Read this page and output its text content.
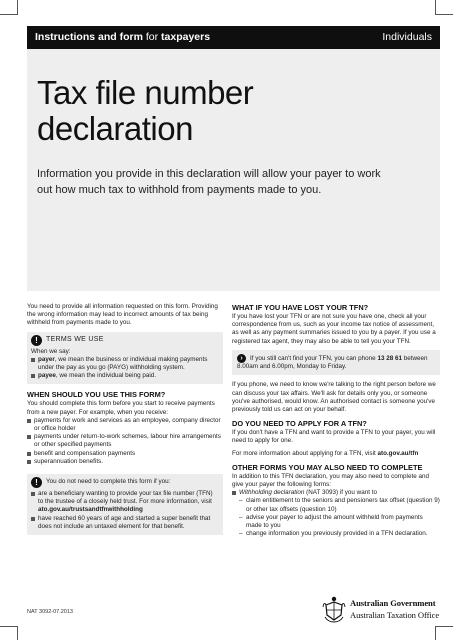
Instructions and form for taxpayers	Individuals
Tax file number declaration
Information you provide in this declaration will allow your payer to work out how much tax to withhold from payments made to you.

You need to provide all information requested on this form. Providing the wrong information may lead to incorrect amounts of tax being withheld from payments made to you.

!	TERMS WE USE
When we say:
payer, we mean the business or individual making payments under the pay as you go (PAYG) withholding system.
payee, we mean the individual being paid.
WHEN SHOULD YOU USE THIS FORM?
You should complete this form before you start to receive payments from a new payer. For example, when you receive:
payments for work and services as an employee, company director or office holder
payments under return-to-work schemes, labour hire arrangements or other specified payments
benefit and compensation payments
superannuation benefits.
!	You do not need to complete this form if you:
are a beneficiary wanting to provide your tax file number (TFN) to the trustee of a closely held trust. For more information, visit ato.gov.au/trustsandtfnwithholding
have reached 60 years of age and started a super benefit that does not include an untaxed element for that benefit.
WHAT IF YOU HAVE LOST YOUR TFN?

If you have lost your TFN or are not sure you have one, check all your correspondence from us, such as your income tax notice of assessment, as well as any payment summaries issued to you by a payer. If you use a registered tax agent, they may also be able to tell you your TFN.

› If you still can't find your TFN, you can phone 13 28 61 between 8.00am and 6.00pm, Monday to Friday.

If you phone, we need to know we're talking to the right person before we can discuss your tax affairs. We'll ask for details only you, or someone you've authorised, would know. An authorised contact is someone you've previously told us can act on your behalf.

DO YOU NEED TO APPLY FOR A TFN?

If you don't have a TFN and want to provide a TFN to your payer, you will need to apply for one.

For more information about applying for a TFN, visit ato.gov.au/tfn

OTHER FORMS YOU MAY ALSO NEED TO COMPLETE
In addition to this TFN declaration, you may also need to complete and give your payer the following forms:
Withholding declaration (NAT 3093) if you want to
– claim entitlement to the seniors and pensioners tax offset (question 9) or other tax offsets (question 10)
– advise your payer to adjust the amount withheld from payments made to you
– change information you previously provided in a TFN declaration.
NAT 3092-07.2013
Australian Government
Australian Taxation Office
